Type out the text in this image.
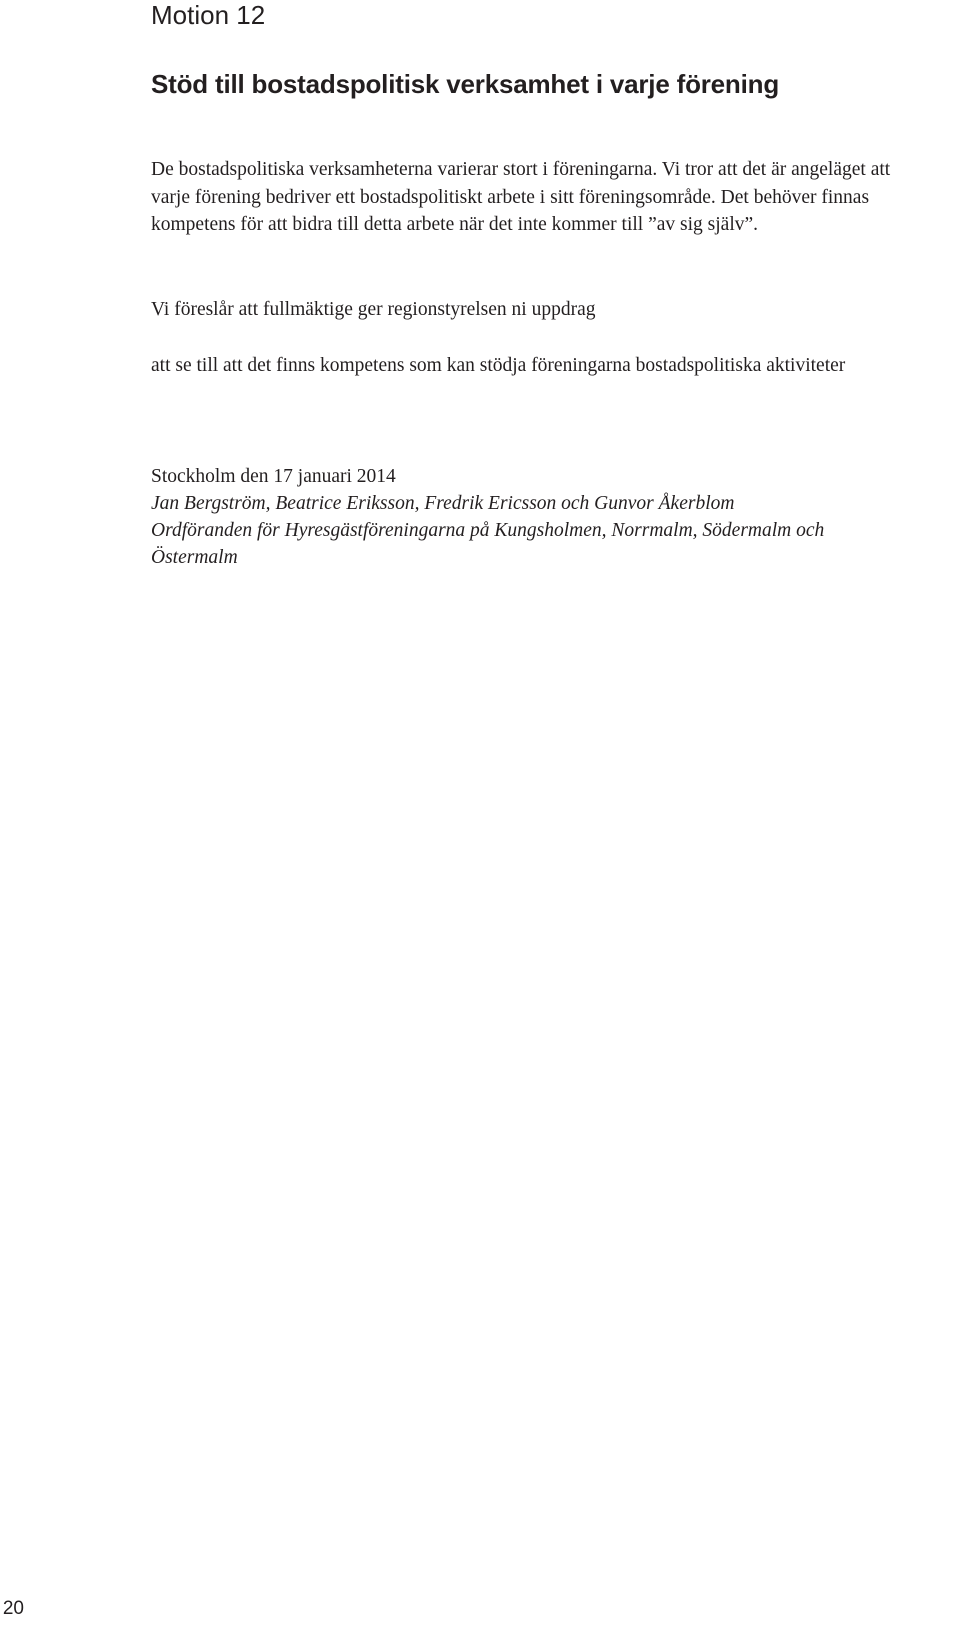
Motion 12
Stöd till bostadspolitisk verksamhet i varje förening

De bostadspolitiska verksamheterna varierar stort i föreningarna. Vi tror att det är angeläget att varje förening bedriver ett bostadspolitiskt arbete i sitt föreningsområde. Det behöver finnas kompetens för att bidra till detta arbete när det inte kommer till ”av sig själv”.

Vi föreslår att fullmäktige ger regionstyrelsen ni uppdrag

att se till att det finns kompetens som kan stödja föreningarna bostadspolitiska aktiviteter

Stockholm den 17 januari 2014
Jan Bergström, Beatrice Eriksson, Fredrik Ericsson och Gunvor Åkerblom
Ordföranden för Hyresgästföreningarna på Kungsholmen, Norrmalm, Södermalm och Östermalm
20
